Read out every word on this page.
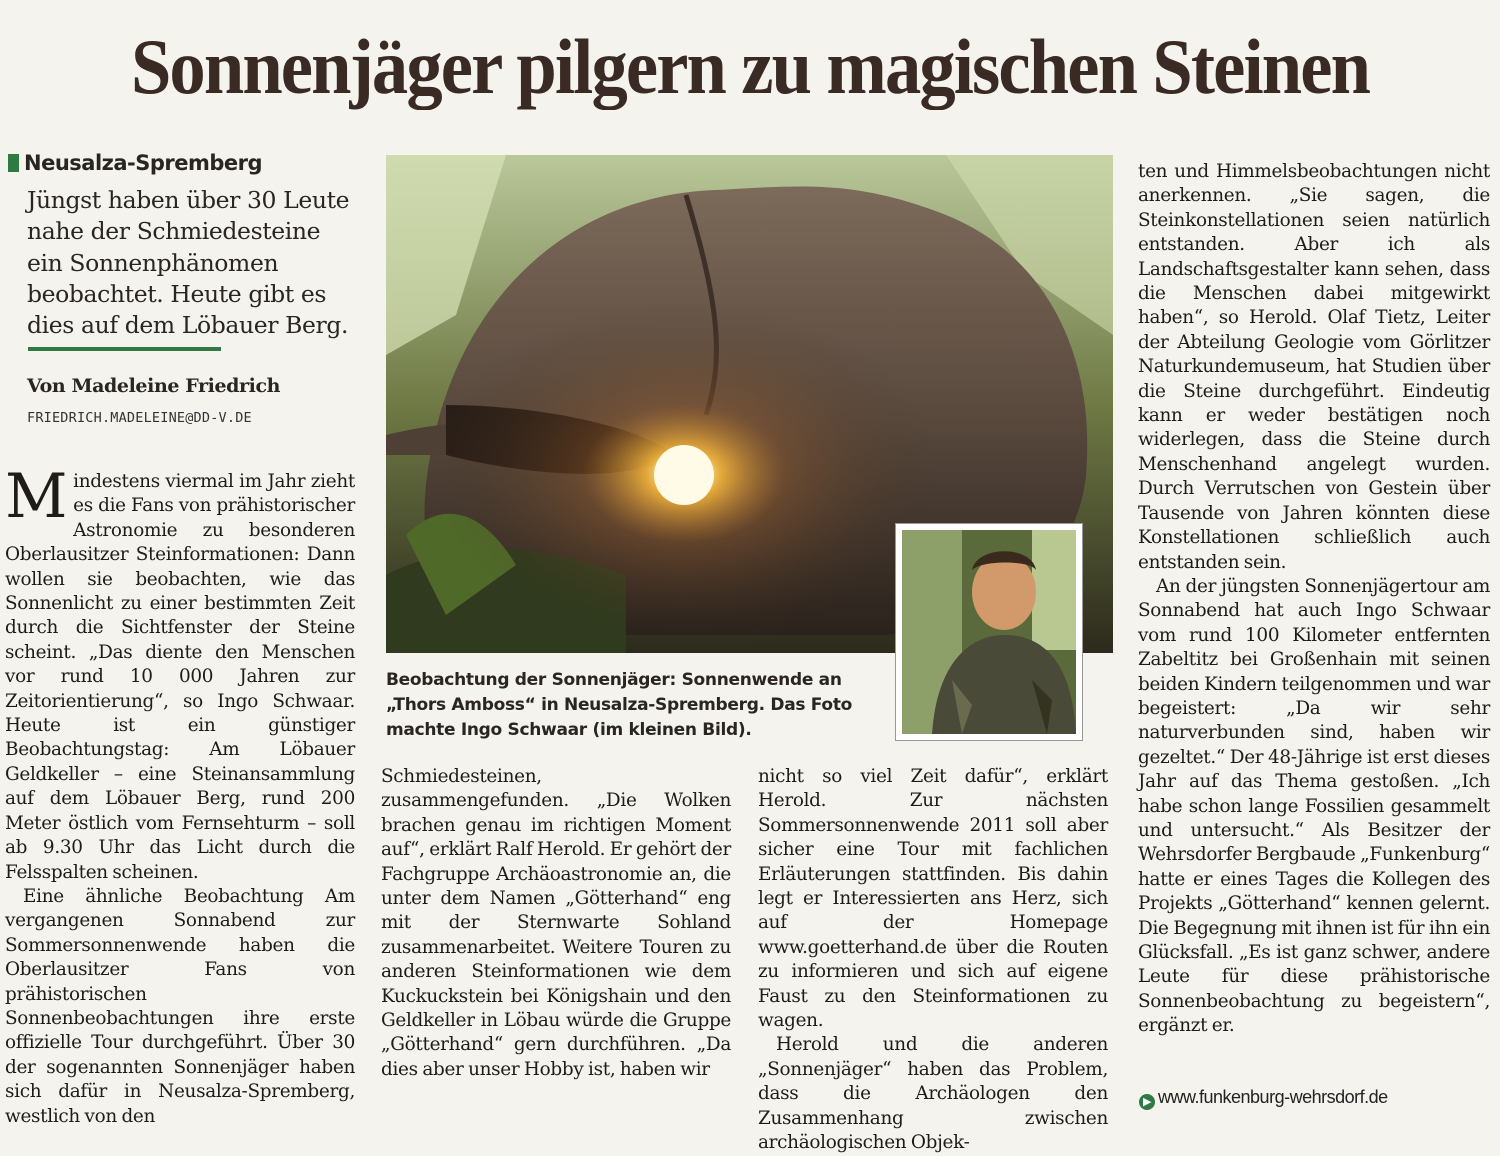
Sonnenjäger pilgern zu magischen Steinen
Neusalza-Spremberg
Jüngst haben über 30 Leute nahe der Schmiedesteine ein Sonnenphänomen beobachtet. Heute gibt es dies auf dem Löbauer Berg.
Von Madeleine Friedrich
FRIEDRICH.MADELEINE@DD-V.DE

Mindestens viermal im Jahr zieht es die Fans von prähistorischer Astronomie zu besonderen Oberlausitzer Steinformationen: Dann wollen sie beobachten, wie das Sonnenlicht zu einer bestimmten Zeit durch die Sichtfenster der Steine scheint. „Das diente den Menschen vor rund 10 000 Jahren zur Zeitorientierung“, so Ingo Schwaar. Heute ist ein günstiger Beobachtungstag: Am Löbauer Geldkeller – eine Steinansammlung auf dem Löbauer Berg, rund 200 Meter östlich vom Fernsehturm – soll ab 9.30 Uhr das Licht durch die Felsspalten scheinen.

Eine ähnliche Beobachtung Am vergangenen Sonnabend zur Sommersonnenwende haben die Oberlausitzer Fans von prähistorischen Sonnenbeobachtungen ihre erste offizielle Tour durchgeführt. Über 30 der sogenannten Sonnenjäger haben sich dafür in Neusalza-Spremberg, westlich von den

Beobachtung der Sonnenjäger: Sonnenwende an „Thors Amboss“ in Neusalza-Spremberg. Das Foto machte Ingo Schwaar (im kleinen Bild).

Schmiedesteinen, zusammengefunden. „Die Wolken brachen genau im richtigen Moment auf“, erklärt Ralf Herold. Er gehört der Fachgruppe Archäoastronomie an, die unter dem Namen „Götterhand“ eng mit der Sternwarte Sohland zusammenarbeitet. Weitere Touren zu anderen Steinformationen wie dem Kuckuckstein bei Königshain und den Geldkeller in Löbau würde die Gruppe „Götterhand“ gern durchführen. „Da dies aber unser Hobby ist, haben wir

nicht so viel Zeit dafür“, erklärt Herold. Zur nächsten Sommersonnenwende 2011 soll aber sicher eine Tour mit fachlichen Erläuterungen stattfinden. Bis dahin legt er Interessierten ans Herz, sich auf der Homepage www.goetterhand.de über die Routen zu informieren und sich auf eigene Faust zu den Steinformationen zu wagen.

Herold und die anderen „Sonnenjäger“ haben das Problem, dass die Archäologen den Zusammenhang zwischen archäologischen Objek-

ten und Himmelsbeobachtungen nicht anerkennen. „Sie sagen, die Steinkonstellationen seien natürlich entstanden. Aber ich als Landschaftsgestalter kann sehen, dass die Menschen dabei mitgewirkt haben“, so Herold. Olaf Tietz, Leiter der Abteilung Geologie vom Görlitzer Naturkundemuseum, hat Studien über die Steine durchgeführt. Eindeutig kann er weder bestätigen noch widerlegen, dass die Steine durch Menschenhand angelegt wurden. Durch Verrutschen von Gestein über Tausende von Jahren könnten diese Konstellationen schließlich auch entstanden sein.

An der jüngsten Sonnenjägertour am Sonnabend hat auch Ingo Schwaar vom rund 100 Kilometer entfernten Zabeltitz bei Großenhain mit seinen beiden Kindern teilgenommen und war begeistert: „Da wir sehr naturverbunden sind, haben wir gezeltet.“ Der 48-Jährige ist erst dieses Jahr auf das Thema gestoßen. „Ich habe schon lange Fossilien gesammelt und untersucht.“ Als Besitzer der Wehrsdorfer Bergbaude „Funkenburg“ hatte er eines Tages die Kollegen des Projekts „Götterhand“ kennen gelernt. Die Begegnung mit ihnen ist für ihn ein Glücksfall. „Es ist ganz schwer, andere Leute für diese prähistorische Sonnenbeobachtung zu begeistern“, ergänzt er.

▶ www.funkenburg-wehrsdorf.de
